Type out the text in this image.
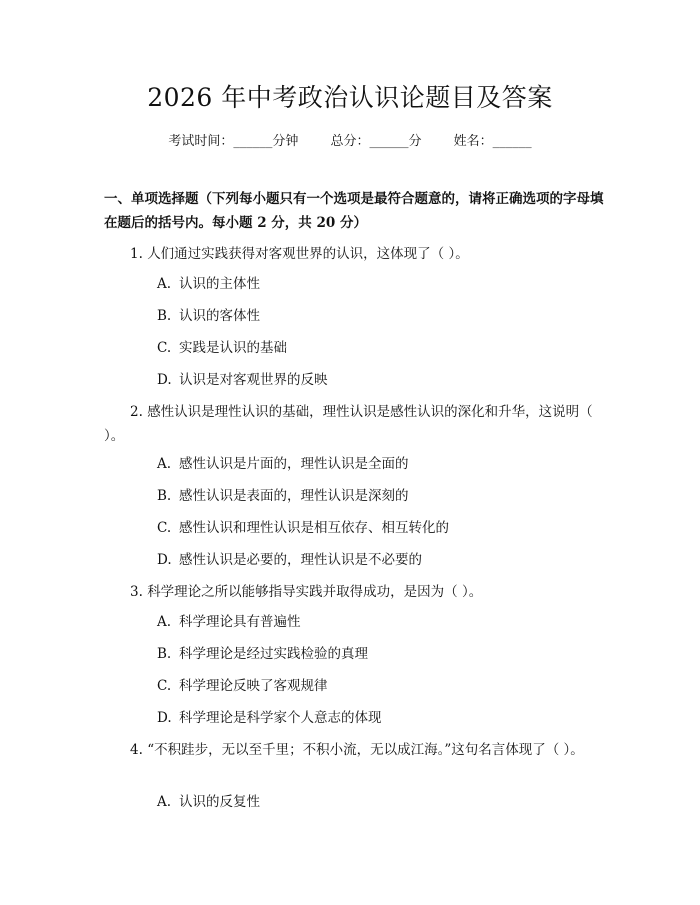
2026 年中考政治认识论题目及答案
考试时间：______分钟 总分：______分 姓名：______
一、单项选择题（下列每小题只有一个选项是最符合题意的，请将正确选项的字母填在题后的括号内。每小题 2 分，共 20 分）
1. 人们通过实践获得对客观世界的认识，这体现了（ ）。
A. 认识的主体性
B. 认识的客体性
C. 实践是认识的基础
D. 认识是对客观世界的反映
2. 感性认识是理性认识的基础，理性认识是感性认识的深化和升华，这说明（ ）。
A. 感性认识是片面的，理性认识是全面的
B. 感性认识是表面的，理性认识是深刻的
C. 感性认识和理性认识是相互依存、相互转化的
D. 感性认识是必要的，理性认识是不必要的
3. 科学理论之所以能够指导实践并取得成功，是因为（ ）。
A. 科学理论具有普遍性
B. 科学理论是经过实践检验的真理
C. 科学理论反映了客观规律
D. 科学理论是科学家个人意志的体现
4. “不积跬步，无以至千里；不积小流，无以成江海。”这句名言体现了（ ）。
A. 认识的反复性
